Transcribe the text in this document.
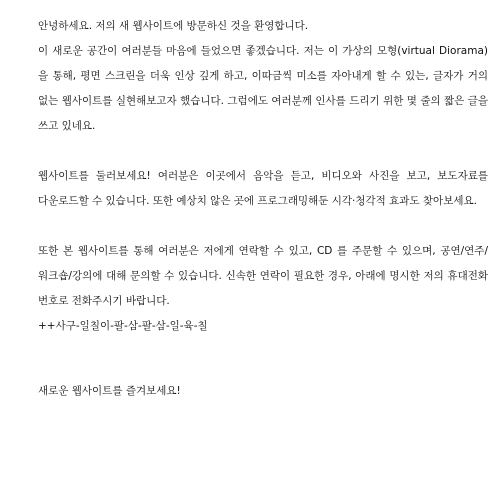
안녕하세요. 저의 새 웹사이트에 방문하신 것을 환영합니다.

이 새로운 공간이 여러분들 마음에 들었으면 좋겠습니다. 저는 이 가상의 모형(virtual Diorama)을 통해, 평면 스크린을 더욱 인상 깊게 하고, 이따금씩 미소를 자아내게 할 수 있는, 글자가 거의 없는 웹사이트를 실현해보고자 했습니다. 그럼에도 여러분께 인사를 드리기 위한 몇 줄의 짧은 글을 쓰고 있네요.

웹사이트를 둘러보세요! 여러분은 이곳에서 음악을 듣고, 비디오와 사진을 보고, 보도자료를 다운로드할 수 있습니다. 또한 예상치 않은 곳에 프로그래밍해둔 시각·청각적 효과도 찾아보세요.

또한 본 웹사이트를 통해 여러분은 저에게 연락할 수 있고, CD 를 주문할 수 있으며, 공연/연주/워크숍/강의에 대해 문의할 수 있습니다. 신속한 연락이 필요한 경우, 아래에 명시한 저의 휴대전화 번호로 전화주시기 바랍니다.

++사구-일칠이-팔-삼-팔-삼-일-육-칠

새로운 웹사이트를 즐겨보세요!
